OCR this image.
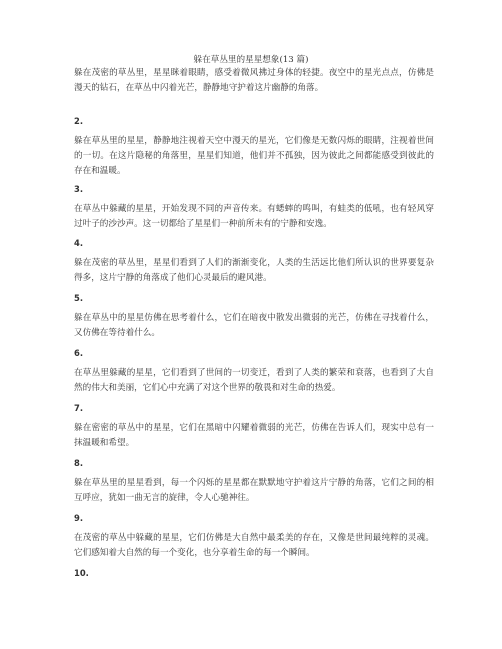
躲在草丛里的星星想象(13 篇)

躲在茂密的草丛里，星星眯着眼睛，感受着微风拂过身体的轻捷。夜空中的星光点点，仿佛是漫天的钻石，在草丛中闪着光芒，静静地守护着这片幽静的角落。

2.

躲在草丛里的星星，静静地注视着天空中漫天的星光，它们像是无数闪烁的眼睛，注视着世间的一切。在这片隐秘的角落里，星星们知道，他们并不孤独，因为彼此之间都能感受到彼此的存在和温暖。

3.

在草丛中躲藏的星星，开始发现不同的声音传来。有蟋蟀的鸣叫，有蛙类的低吼，也有轻风穿过叶子的沙沙声。这一切都给了星星们一种前所未有的宁静和安逸。

4.

躲在茂密的草丛里，星星们看到了人们的渐渐变化，人类的生活远比他们所认识的世界要复杂得多，这片宁静的角落成了他们心灵最后的避风港。

5.

躲在草丛中的星星仿佛在思考着什么，它们在暗夜中散发出微弱的光芒，仿佛在寻找着什么，又仿佛在等待着什么。

6.

在草丛里躲藏的星星，它们看到了世间的一切变迁，看到了人类的繁荣和衰落，也看到了大自然的伟大和美丽，它们心中充满了对这个世界的敬畏和对生命的热爱。

7.

躲在密密的草丛中的星星，它们在黑暗中闪耀着微弱的光芒，仿佛在告诉人们，现实中总有一抹温暖和希望。

8.

躲在草丛里的星星看到，每一个闪烁的星星都在默默地守护着这片宁静的角落，它们之间的相互呼应，犹如一曲无言的旋律，令人心驰神往。

9.

在茂密的草丛中躲藏的星星，它们仿佛是大自然中最柔美的存在，又像是世间最纯粹的灵魂。它们感知着大自然的每一个变化，也分享着生命的每一个瞬间。

10.
